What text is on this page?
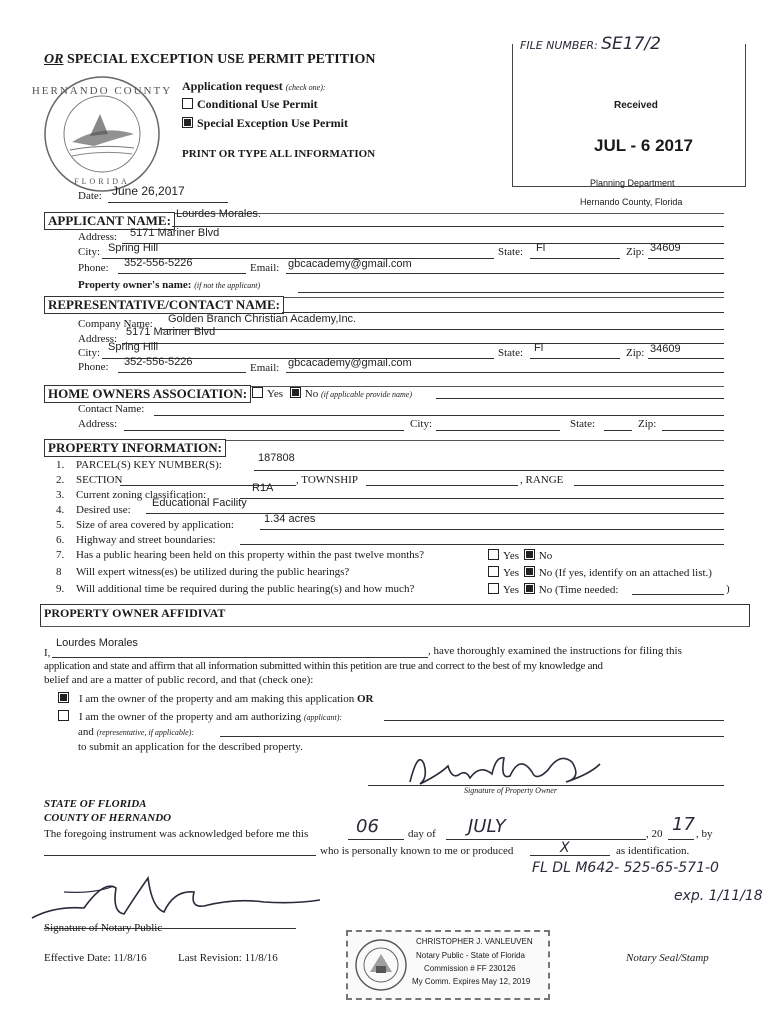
OR SPECIAL EXCEPTION USE PERMIT PETITION
HERNANDO COUNTY
FLORIDA
Application request (check one):
Conditional Use Permit
Special Exception Use Permit
PRINT OR TYPE ALL INFORMATION
FILE NUMBER: SE17/2
Received
JUL - 6 2017
Planning Department
Hernando County, Florida
Date: June 26,2017
APPLICANT NAME: Lourdes Morales.
Address: 5171 Mariner Blvd
City: Spring Hill	State: Fl	Zip: 34609
Phone: 352-556-5226	Email: gbcacademy@gmail.com
Property owner's name: (if not the applicant)
REPRESENTATIVE/CONTACT NAME:
Company Name: Golden Branch Christian Academy,Inc.
Address:
5171 Mariner Blvd
City: Spring Hill	State: Fl	Zip: 34609
Phone: 352-556-5226	Email: gbcacademy@gmail.com
HOME OWNERS ASSOCIATION:	Yes No (if applicable provide name)
Contact Name:
Address:	City:	State:	Zip:
PROPERTY INFORMATION:
1. PARCEL(S) KEY NUMBER(S):
187808
2. SECTION	, TOWNSHIP	, RANGE
3. Current zoning classification:
R1A
4. Desired use:
Educational Facility
5. Size of area covered by application:	1.34 acres
6. Highway and street boundaries:
7. Has a public hearing been held on this property within the past twelve months?	Yes No
8 Will expert witness(es) be utilized during the public hearings?	Yes No (If yes, identify on an attached list.)
9. Will additional time be required during the public hearing(s) and how much?	Yes No (Time needed:	)
PROPERTY OWNER AFFIDIVAT
I,
Lourdes Morales
, have thoroughly examined the instructions for filing this
application and state and affirm that all information submitted within this petition are true and correct to the best of my knowledge and
belief and are a matter of public record, and that (check one):
I am the owner of the property and am making this application OR
I am the owner of the property and am authorizing (applicant):
and (representative, if applicable):
to submit an application for the described property.
Signature of Property Owner
STATE OF FLORIDA
COUNTY OF HERNANDO
The foregoing instrument was acknowledged before me this	06	day of JULY	, 20 17 , by
who is personally known to me or produced	X	as identification.
FL DL M642- 525-65-571-0
exp. 1/11/18
Signature of Notary Public
CHRISTOPHER J. VANLEUVEN
Notary Public - State of Florida
Commission # FF 230126
My Comm. Expires May 12, 2019
Notary Seal/Stamp
Effective Date: 11/8/16	Last Revision: 11/8/16
